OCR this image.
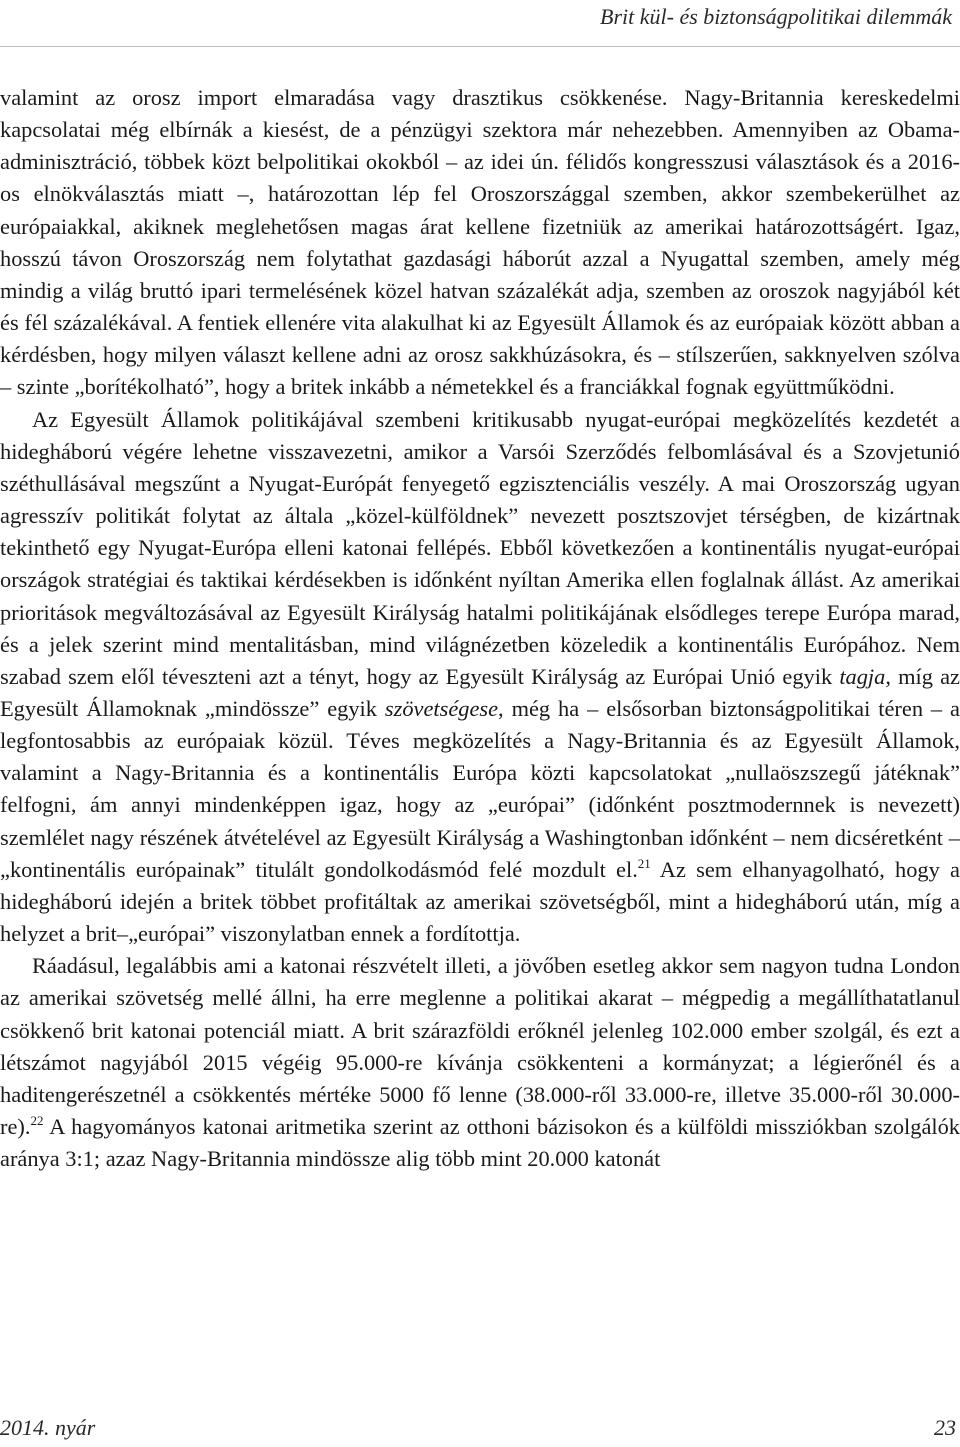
Brit kül- és biztonságpolitikai dilemmák

valamint az orosz import elmaradása vagy drasztikus csökkenése. Nagy-Britannia kereskedelmi kapcsolatai még elbírnák a kiesést, de a pénzügyi szektora már nehezebben. Amennyiben az Obama-adminisztráció, többek közt belpolitikai okokból – az idei ún. félidős kongresszusi választások és a 2016-os elnökválasztás miatt –, határozottan lép fel Oroszországgal szemben, akkor szembekerülhet az európaiakkal, akiknek meglehetősen magas árat kellene fizetniük az amerikai határozottságért. Igaz, hosszú távon Oroszország nem folytathat gazdasági háborút azzal a Nyugattal szemben, amely még mindig a világ bruttó ipari termelésének közel hatvan százalékát adja, szemben az oroszok nagyjából két és fél százalékával. A fentiek ellenére vita alakulhat ki az Egyesült Államok és az európaiak között abban a kérdésben, hogy milyen választ kellene adni az orosz sakkhúzásokra, és – stílszerűen, sakknyelven szólva – szinte „borítékolható”, hogy a britek inkább a németekkel és a franciákkal fognak együttműködni.

Az Egyesült Államok politikájával szembeni kritikusabb nyugat-európai megközelítés kezdetét a hidegháború végére lehetne visszavezetni, amikor a Varsói Szerződés felbomlásával és a Szovjetunió széthullásával megszűnt a Nyugat-Európát fenyegető egzisztenciális veszély. A mai Oroszország ugyan agresszív politikát folytat az általa „közel-külföldnek” nevezett posztszovjet térségben, de kizártnak tekinthető egy Nyugat-Európa elleni katonai fellépés. Ebből következően a kontinentális nyugat-európai országok stratégiai és taktikai kérdésekben is időnként nyíltan Amerika ellen foglalnak állást. Az amerikai prioritások megváltozásával az Egyesült Királyság hatalmi politikájának elsődleges terepe Európa marad, és a jelek szerint mind mentalitásban, mind világnézetben közeledik a kontinentális Európához. Nem szabad szem elől téveszteni azt a tényt, hogy az Egyesült Királyság az Európai Unió egyik tagja, míg az Egyesült Államoknak „mindössze” egyik szövetségese, még ha – elsősorban biztonságpolitikai téren – a legfontosabbis az európaiak közül. Téves megközelítés a Nagy-Britannia és az Egyesült Államok, valamint a Nagy-Britannia és a kontinentális Európa közti kapcsolatokat „nullaöszszegű játéknak” felfogni, ám annyi mindenképpen igaz, hogy az „európai” (időnként posztmodernnek is nevezett) szemlélet nagy részének átvételével az Egyesült Királyság a Washingtonban időnként – nem dicséretként – „kontinentális európainak” titulált gondolkodásmód felé mozdult el.$^{21}$ Az sem elhanyagolható, hogy a hidegháború idején a britek többet profitáltak az amerikai szövetségből, mint a hidegháború után, míg a helyzet a brit–„európai” viszonylatban ennek a fordítottja.

Ráadásul, legalábbis ami a katonai részvételt illeti, a jövőben esetleg akkor sem nagyon tudna London az amerikai szövetség mellé állni, ha erre meglenne a politikai akarat – mégpedig a megállíthatatlanul csökkenő brit katonai potenciál miatt. A brit szárazföldi erőknél jelenleg 102.000 ember szolgál, és ezt a létszámot nagyjából 2015 végéig 95.000-re kívánja csökkenteni a kormányzat; a légierőnél és a haditengerészetnél a csökkentés mértéke 5000 fő lenne (38.000-ről 33.000-re, illetve 35.000-ről 30.000-re).$^{22}$ A hagyományos katonai aritmetika szerint az otthoni bázisokon és a külföldi missziókban szolgálók aránya 3:1; azaz Nagy-Britannia mindössze alig több mint 20.000 katonát

2014. nyár	23
